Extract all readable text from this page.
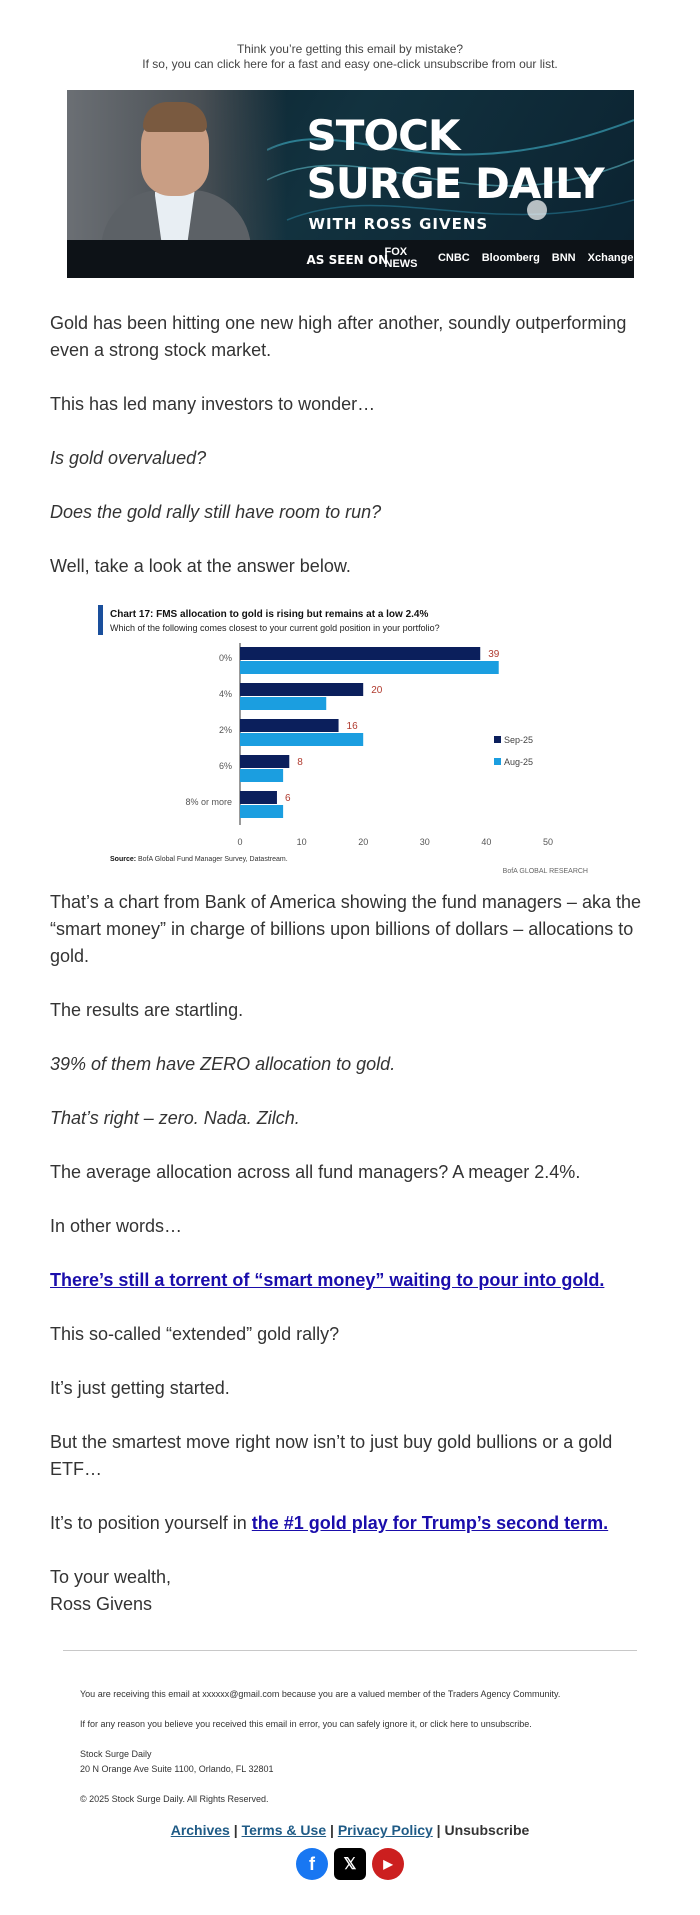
Think you’re getting this email by mistake?
If so, you can click here for a fast and easy one-click unsubscribe from our list.
STOCK
SURGE DAILY
WITH ROSS GIVENS
AS SEEN ON
FOX NEWS	CNBC Bloomberg BNN Xchange

Gold has been hitting one new high after another, soundly outperforming even a strong stock market.

This has led many investors to wonder…

Is gold overvalued?

Does the gold rally still have room to run?

Well, take a look at the answer below.

Chart 17: FMS allocation to gold is rising but remains at a low 2.4%
Which of the following comes closest to your current gold position in your portfolio?
0%	39
4%	20
2%	16
6%	8
8% or more	6
0	10	20	30	40	50
Sep-25
Aug-25
Source: BofA Global Fund Manager Survey, Datastream.
BofA GLOBAL RESEARCH

That’s a chart from Bank of America showing the fund managers – aka the “smart money” in charge of billions upon billions of dollars – allocations to gold.

The results are startling.

39% of them have ZERO allocation to gold.

That’s right – zero. Nada. Zilch.

The average allocation across all fund managers? A meager 2.4%.

In other words…

There’s still a torrent of “smart money” waiting to pour into gold.

This so-called “extended” gold rally?

It’s just getting started.

But the smartest move right now isn’t to just buy gold bullions or a gold ETF…

It’s to position yourself in the #1 gold play for Trump’s second term.

To your wealth,
Ross Givens

You are receiving this email at xxxxxx@gmail.com because you are a valued member of the Traders Agency Community.

If for any reason you believe you received this email in error, you can safely ignore it, or click here to unsubscribe.

Stock Surge Daily
20 N Orange Ave Suite 1100, Orlando, FL 32801

© 2025 Stock Surge Daily. All Rights Reserved.

Archives | Terms & Use | Privacy Policy | Unsubscribe
f	𝕏	▶
